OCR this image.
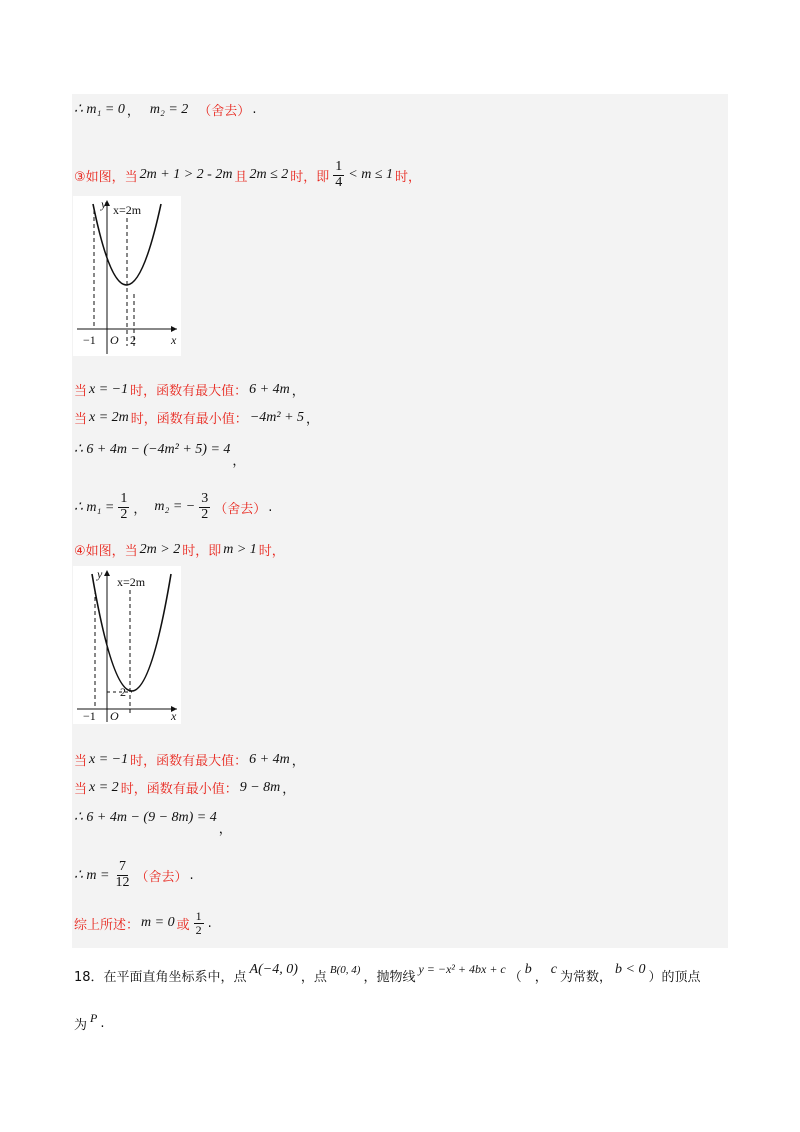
∴ m₁ = 0 ， m₂ = 2 （舍去） .
③如图，当 2m + 1 > 2 - 2m 且 2m ≤ 2 时，即 $\frac{1}{4} < m \le 1$ 时，
y x=2m
x
−1 O 2
当 x = −1 时，函数有最大值： 6 + 4m ，
当 x = 2m 时，函数有最小值： −4m² + 5 ，
∴ 6 + 4m − (−4m² + 5) = 4
，
∴ $m_1 = \frac{1}{2}$ ， m₂ = − $\frac{3}{2}$ （舍去） .
④如图，当 2m > 2 时，即 m > 1 时，
y
x=2m
x
−1 O
2
当 x = −1 时，函数有最大值： 6 + 4m ，
当 x = 2 时，函数有最小值： 9 − 8m ，
∴ 6 + 4m − (9 − 8m) = 4
，
∴ $m = \frac{7}{12}$ （舍去） .
综上所述： m = 0 或 $\frac{1}{2}$ .
18．在平面直角坐标系中，点
A(−4, 0)
，点
B(0, 4)
，抛物线
y = −x² + 4bx + c
（
b
，
c
为常数，
b < 0
）的顶点
为 P .
